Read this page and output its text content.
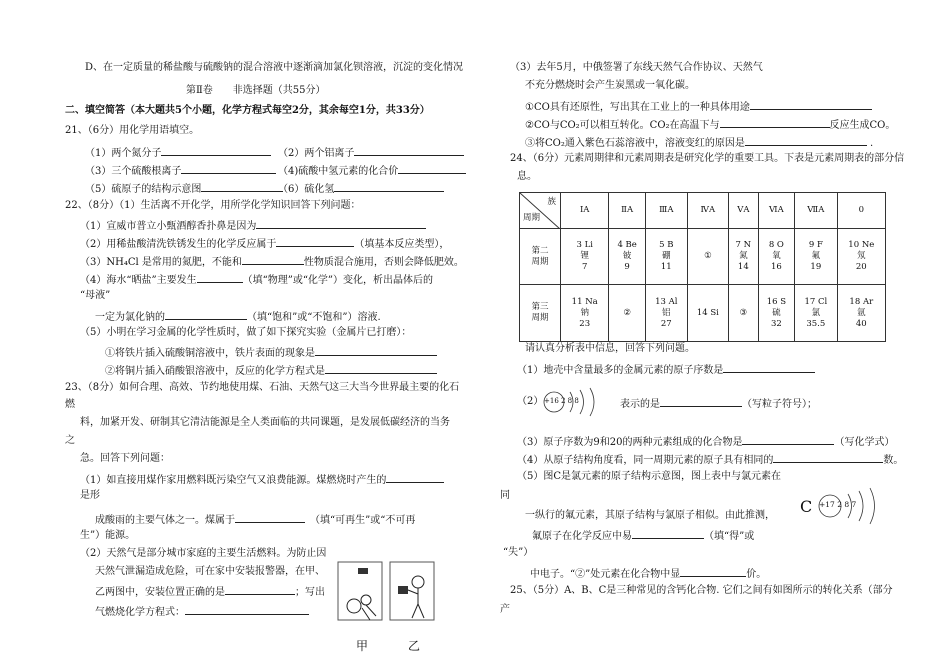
D、在一定质量的稀盐酸与硫酸钠的混合溶液中逐渐滴加氯化钡溶液，沉淀的变化情况
第Ⅱ卷　　非选择题（共55分）
二、填空简答（本大题共5个小题，化学方程式每空2分，其余每空1分，共33分）
21、（6分）用化学用语填空。
（1）两个氮分子	（2）两个铝离子
（3）三个硫酸根离子	（4)硫酸中氢元素的化合价
（5）硫原子的结构示意图	（6）硫化氢
22、（8分）（1）生活离不开化学，用所学化学知识回答下列问题：
（1）宣威市普立小甄酒醇香扑鼻是因为
（2）用稀盐酸清洗铁锈发生的化学反应属于	（填基本反应类型），
（3）NH₄Cl 是常用的氮肥，不能和	性物质混合施用，否则会降低肥效。
（4）海水“晒盐”主要发生	（填“物理”或“化学”）变化，析出晶体后的
“母液”
一定为氯化钠的	（填“饱和”或“不饱和”）溶液.
（5）小明在学习金属的化学性质时，做了如下探究实验（金属片已打磨）：
①将铁片插入硫酸铜溶液中，铁片表面的现象是
②将铜片插入硝酸银溶液中，反应的化学方程式是
23、（8分）如何合理、高效、节约地使用煤、石油、天然气这三大当今世界最主要的化石
燃
料，加紧开发、研制其它清洁能源是全人类面临的共同课题，是发展低碳经济的当务
之
急。回答下列问题：
（1）如直接用煤作家用燃料既污染空气又浪费能源。煤燃烧时产生的
是形
成酸雨的主要气体之一。煤属于　	（填“可再生”或“不可再
生”）能源。
（2）天然气是部分城市家庭的主要生活燃料。为防止因
天然气泄漏造成危险，可在家中安装报警器，在甲、
乙两图中，安装位置正确的是	；写出
气燃烧化学方程式：
甲	乙
（3）去年5月，中俄签署了东线天然气合作协议、天然气
不充分燃烧时会产生炭黑或一氧化碳。
①CO具有还原性，写出其在工业上的一种具体用途
②CO与CO₂可以相互转化。CO₂在高温下与	反应生成CO。
③将CO₂通入紫色石蕊溶液中，溶液变红的原因是	.
24、（6分）元素周期律和元素周期表是研究化学的重要工具。下表是元素周期表的部分信
息。
族
周期	ⅠA	ⅡA	ⅢA	ⅣA	ⅤA	ⅥA	ⅦA	0
第二
周期	3 Li
锂
7	4 Be
铍
9	5 B
硼
11	①	7 N
氮
14	8 O
氧
16	9 F
氟
19	10 Ne
氖
20
第三
周期	11 Na
钠
23	②	13 Al
铝
27	14 Si	③	16 S
硫
32	17 Cl
氯
35.5	18 Ar
氩
40
请认真分析表中信息，回答下列问题。
（1）地壳中含量最多的金属元素的原子序数是
（2） +16 2 8 8	表示的是	（写粒子符号）；
（3）原子序数为9和20的两种元素组成的化合物是	（写化学式）
（4）从原子结构角度看，同一周期元素的原子具有相同的	数。
（5）图C是氯元素的原子结构示意图，图上表中与氯元素在
同
一纵行的氟元素，其原子结构与氯原子相似。由此推测，
氟原子在化学反应中易	（填“得”或
“失”）
中电子。“②”处元素在化合物中显	价。
C +17 2 8 7
25、（5分）A、B、C是三种常见的含钙化合物. 它们之间有如图所示的转化关系（部分
产
